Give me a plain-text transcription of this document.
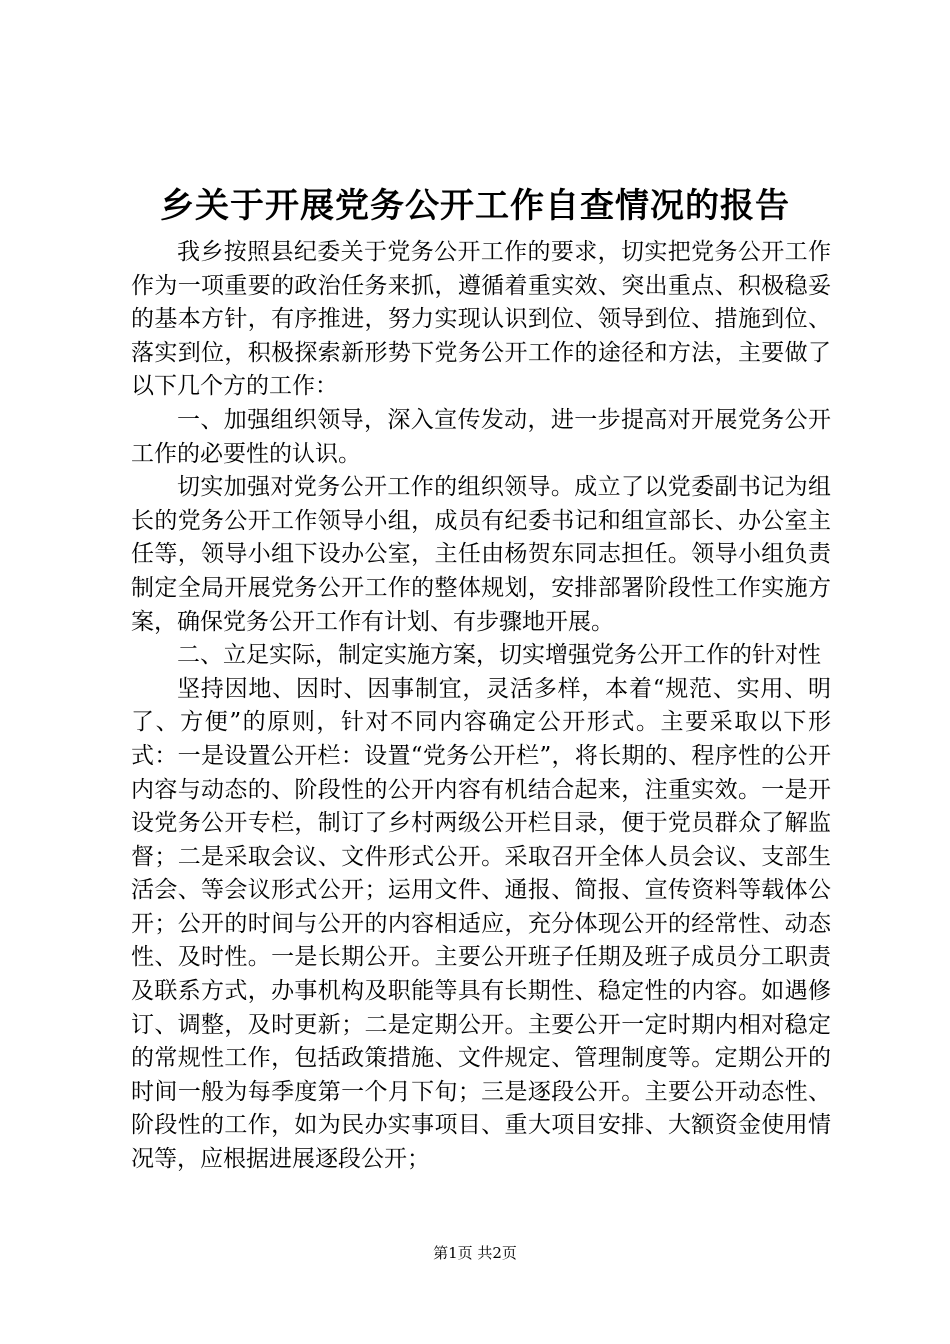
乡关于开展党务公开工作自查情况的报告

我乡按照县纪委关于党务公开工作的要求，切实把党务公开工作作为一项重要的政治任务来抓，遵循着重实效、突出重点、积极稳妥的基本方针，有序推进，努力实现认识到位、领导到位、措施到位、落实到位，积极探索新形势下党务公开工作的途径和方法，主要做了以下几个方的工作：

一、加强组织领导，深入宣传发动，进一步提高对开展党务公开工作的必要性的认识。

切实加强对党务公开工作的组织领导。成立了以党委副书记为组长的党务公开工作领导小组，成员有纪委书记和组宣部长、办公室主任等，领导小组下设办公室，主任由杨贺东同志担任。领导小组负责制定全局开展党务公开工作的整体规划，安排部署阶段性工作实施方案，确保党务公开工作有计划、有步骤地开展。

二、立足实际，制定实施方案，切实增强党务公开工作的针对性

坚持因地、因时、因事制宜，灵活多样，本着“规范、实用、明了、方便”的原则，针对不同内容确定公开形式。主要采取以下形式：一是设置公开栏：设置“党务公开栏”，将长期的、程序性的公开内容与动态的、阶段性的公开内容有机结合起来，注重实效。一是开设党务公开专栏，制订了乡村两级公开栏目录，便于党员群众了解监督；二是采取会议、文件形式公开。采取召开全体人员会议、支部生活会、等会议形式公开；运用文件、通报、简报、宣传资料等载体公开；公开的时间与公开的内容相适应，充分体现公开的经常性、动态性、及时性。一是长期公开。主要公开班子任期及班子成员分工职责及联系方式，办事机构及职能等具有长期性、稳定性的内容。如遇修订、调整，及时更新；二是定期公开。主要公开一定时期内相对稳定的常规性工作，包括政策措施、文件规定、管理制度等。定期公开的时间一般为每季度第一个月下旬；三是逐段公开。主要公开动态性、阶段性的工作，如为民办实事项目、重大项目安排、大额资金使用情况等，应根据进展逐段公开；

第1页 共2页
